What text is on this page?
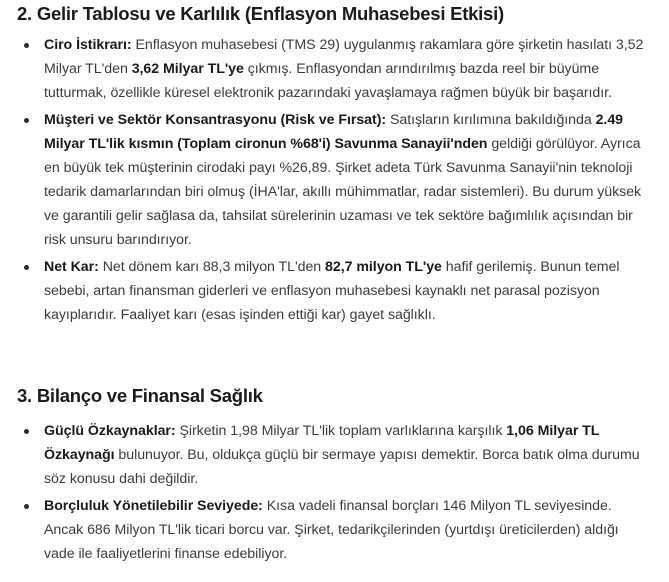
2. Gelir Tablosu ve Karlılık (Enflasyon Muhasebesi Etkisi)
Ciro İstikrarı: Enflasyon muhasebesi (TMS 29) uygulanmış rakamlara göre şirketin hasılatı 3,52 Milyar TL'den 3,62 Milyar TL'ye çıkmış. Enflasyondan arındırılmış bazda reel bir büyüme tutturmak, özellikle küresel elektronik pazarındaki yavaşlamaya rağmen büyük bir başarıdır.
Müşteri ve Sektör Konsantrasyonu (Risk ve Fırsat): Satışların kırılımına bakıldığında 2.49 Milyar TL'lik kısmın (Toplam cironun %68'i) Savunma Sanayii'nden geldiği görülüyor. Ayrıca en büyük tek müşterinin cirodaki payı %26,89. Şirket adeta Türk Savunma Sanayii'nin teknoloji tedarik damarlarından biri olmuş (İHA'lar, akıllı mühimmatlar, radar sistemleri). Bu durum yüksek ve garantili gelir sağlasa da, tahsilat sürelerinin uzaması ve tek sektöre bağımlılık açısından bir risk unsuru barındırıyor.
Net Kar: Net dönem karı 88,3 milyon TL'den 82,7 milyon TL'ye hafif gerilemiş. Bunun temel sebebi, artan finansman giderleri ve enflasyon muhasebesi kaynaklı net parasal pozisyon kayıplarıdır. Faaliyet karı (esas işinden ettiği kar) gayet sağlıklı.
3. Bilanço ve Finansal Sağlık
Güçlü Özkaynaklar: Şirketin 1,98 Milyar TL'lik toplam varlıklarına karşılık 1,06 Milyar TL Özkaynağı bulunuyor. Bu, oldukça güçlü bir sermaye yapısı demektir. Borca batık olma durumu söz konusu dahi değildir.
Borçluluk Yönetilebilir Seviyede: Kısa vadeli finansal borçları 146 Milyon TL seviyesinde. Ancak 686 Milyon TL'lik ticari borcu var. Şirket, tedarikçilerinden (yurtdışı üreticilerden) aldığı vade ile faaliyetlerini finanse edebiliyor.
